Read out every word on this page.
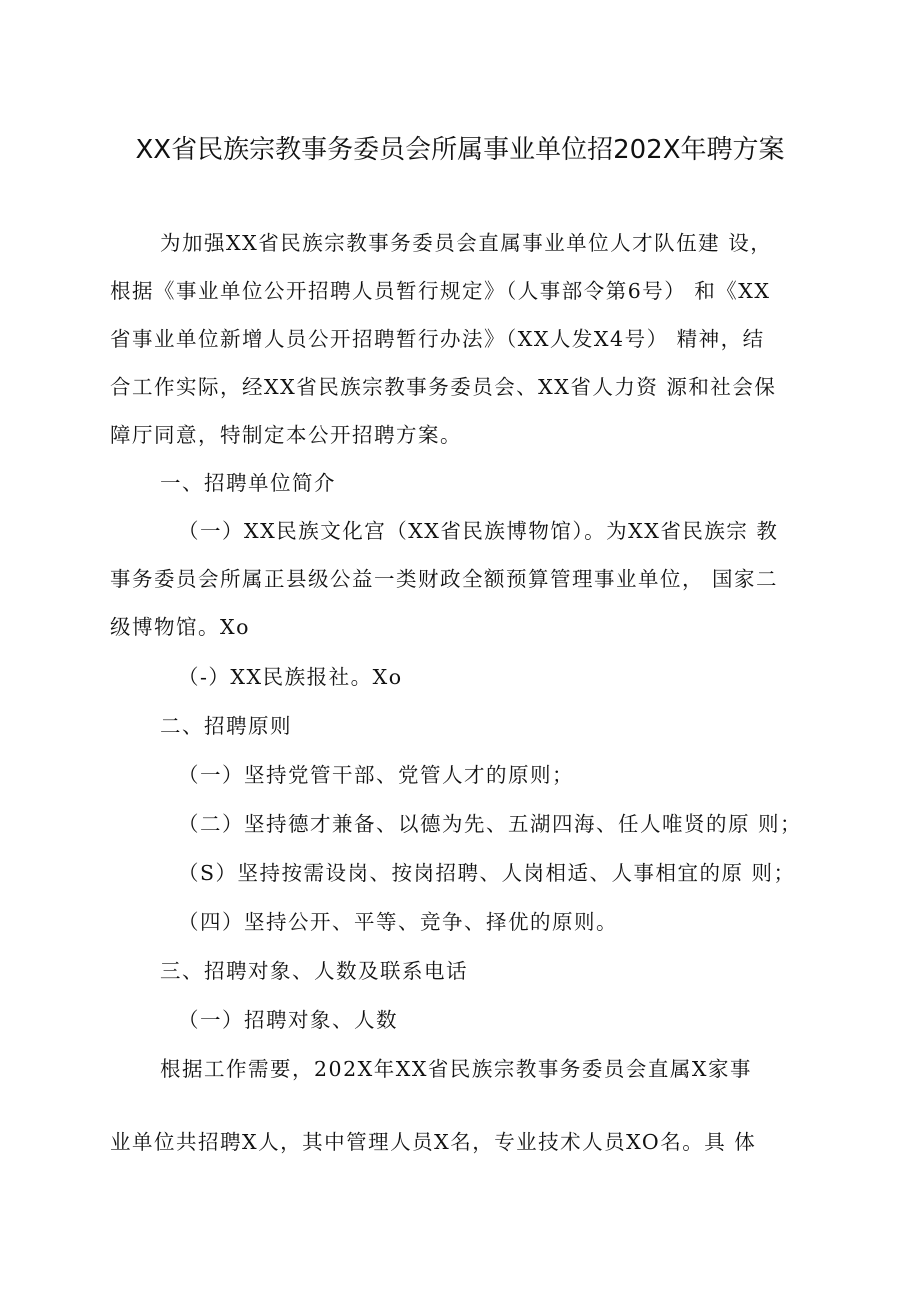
XX省民族宗教事务委员会所属事业单位招202X年聘方案
为加强XX省民族宗教事务委员会直属事业单位人才队伍建 设，
根据《事业单位公开招聘人员暂行规定》（人事部令第6号） 和《XX
省事业单位新增人员公开招聘暂行办法》（XX人发X4号） 精神，结
合工作实际，经XX省民族宗教事务委员会、XX省人力资 源和社会保
障厅同意，特制定本公开招聘方案。
一、招聘单位简介
（一）XX民族文化宫（XX省民族博物馆）。为XX省民族宗 教
事务委员会所属正县级公益一类财政全额预算管理事业单位， 国家二
级博物馆。Xo
（-）XX民族报社。Xo
二、招聘原则
（一）坚持党管干部、党管人才的原则；
（二）坚持德才兼备、以德为先、五湖四海、任人唯贤的原 则；
（S）坚持按需设岗、按岗招聘、人岗相适、人事相宜的原 则；
（四）坚持公开、平等、竞争、择优的原则。
三、招聘对象、人数及联系电话
（一）招聘对象、人数
根据工作需要，202X年XX省民族宗教事务委员会直属X家事
业单位共招聘X人，其中管理人员X名，专业技术人员XO名。具 体
